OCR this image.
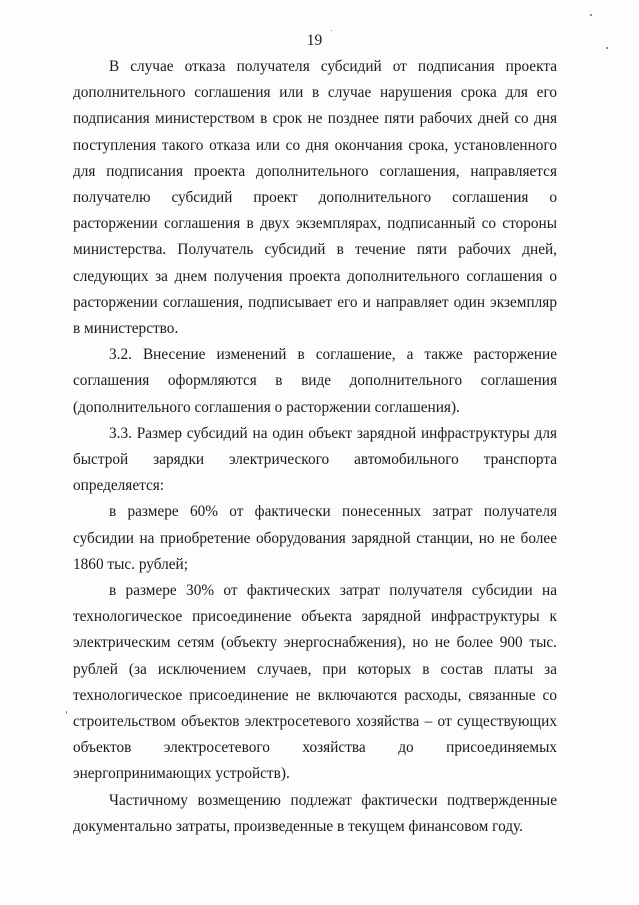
19

В случае отказа получателя субсидий от подписания проекта дополнительного соглашения или в случае нарушения срока для его подписания министерством в срок не позднее пяти рабочих дней со дня поступления такого отказа или со дня окончания срока, установленного для подписания проекта дополнительного соглашения, направляется получателю субсидий проект дополнительного соглашения о расторжении соглашения в двух экземплярах, подписанный со стороны министерства. Получатель субсидий в течение пяти рабочих дней, следующих за днем получения проекта дополнительного соглашения о расторжении соглашения, подписывает его и направляет один экземпляр в министерство.

3.2. Внесение изменений в соглашение, а также расторжение соглашения оформляются в виде дополнительного соглашения (дополнительного соглашения о расторжении соглашения).

3.3. Размер субсидий на один объект зарядной инфраструктуры для быстрой зарядки электрического автомобильного транспорта определяется:

в размере 60% от фактически понесенных затрат получателя субсидии на приобретение оборудования зарядной станции, но не более 1860 тыс. рублей;

в размере 30% от фактических затрат получателя субсидии на технологическое присоединение объекта зарядной инфраструктуры к электрическим сетям (объекту энергоснабжения), но не более 900 тыс. рублей (за исключением случаев, при которых в состав платы за технологическое присоединение не включаются расходы, связанные со строительством объектов электросетевого хозяйства – от существующих объектов электросетевого хозяйства до присоединяемых энергопринимающих устройств).

Частичному возмещению подлежат фактически подтвержденные документально затраты, произведенные в текущем финансовом году.
